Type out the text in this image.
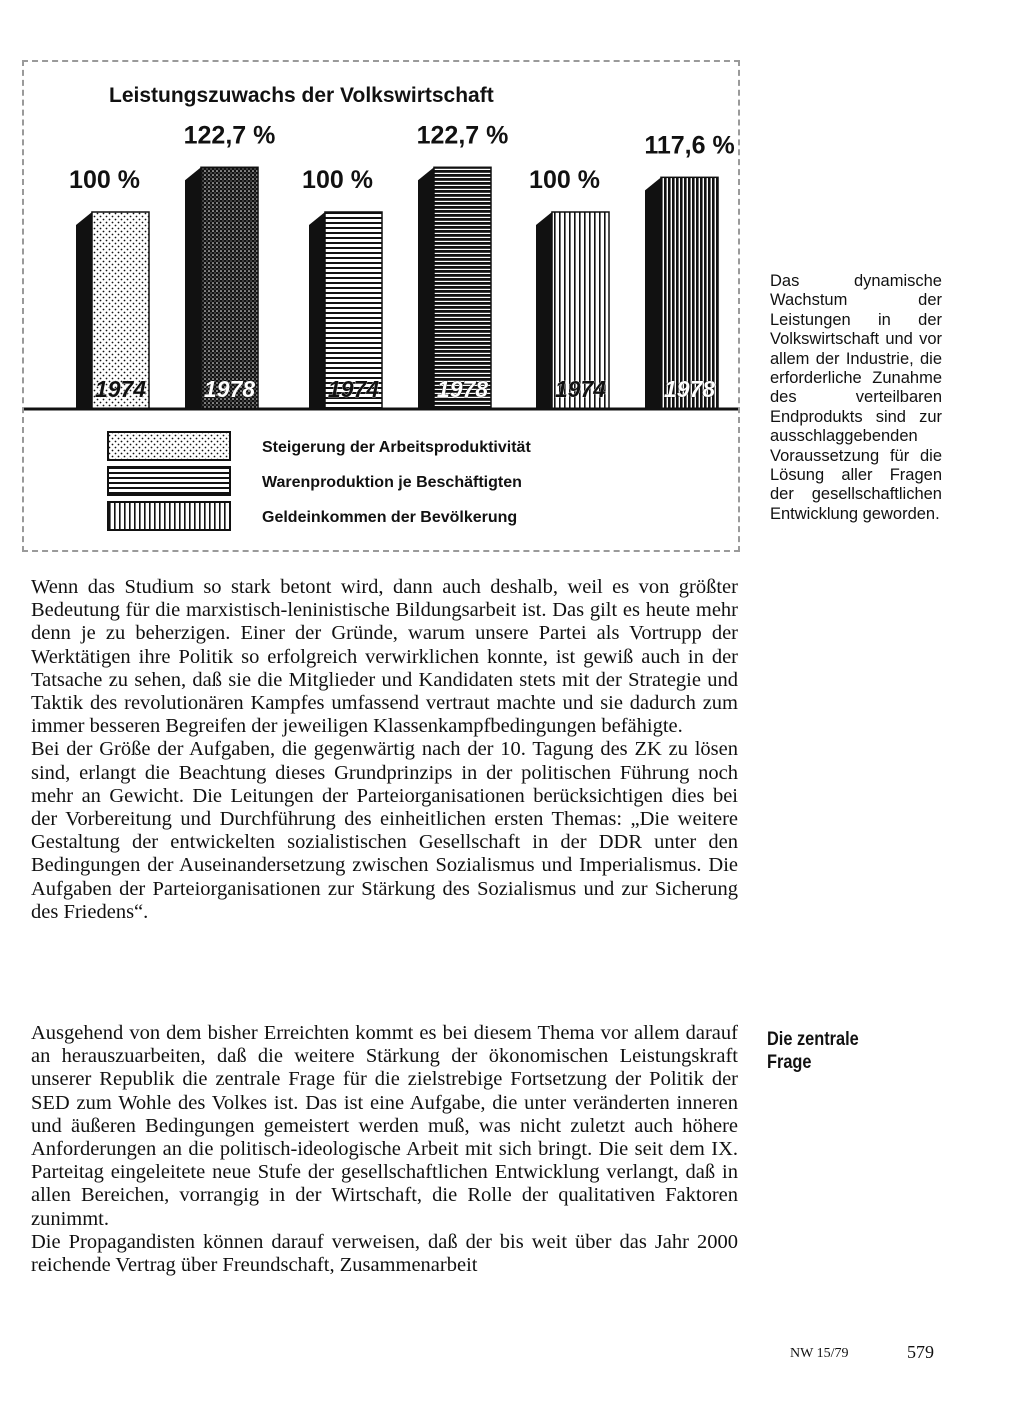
Leistungszuwachs der Volkswirtschaft
1974
100 %
1978
122,7 %
1974
100 %
1978
122,7 %
1974
100 %
1978
117,6 %
Steigerung der Arbeitsproduktivität
Warenproduktion je Beschäftigten
Geldeinkommen der Bevölkerung
Das dynamische Wachstum der Leistungen in der Volkswirtschaft und vor allem der Industrie, die erforderliche Zunahme des verteilbaren Endprodukts sind zur ausschlaggebenden Voraussetzung für die Lösung aller Fragen der gesellschaftlichen Entwicklung geworden.

Wenn das Studium so stark betont wird, dann auch deshalb, weil es von größter Bedeutung für die marxistisch-leninistische Bildungsarbeit ist. Das gilt es heute mehr denn je zu beherzigen. Einer der Gründe, warum unsere Partei als Vortrupp der Werktätigen ihre Politik so erfolgreich verwirklichen konnte, ist gewiß auch in der Tatsache zu sehen, daß sie die Mitglieder und Kandidaten stets mit der Strategie und Taktik des revolutionären Kampfes umfassend vertraut machte und sie dadurch zum immer besseren Begreifen der jeweiligen Klassenkampfbedingungen befähigte.

Bei der Größe der Aufgaben, die gegenwärtig nach der 10. Tagung des ZK zu lösen sind, erlangt die Beachtung dieses Grundprinzips in der politischen Führung noch mehr an Gewicht. Die Leitungen der Parteiorganisationen berücksichtigen dies bei der Vorbereitung und Durchführung des einheitlichen ersten Themas: „Die weitere Gestaltung der entwickelten sozialistischen Gesellschaft in der DDR unter den Bedingungen der Auseinandersetzung zwischen Sozialismus und Imperialismus. Die Aufgaben der Parteiorganisationen zur Stärkung des Sozialismus und zur Sicherung des Friedens“.

Die zentrale Frage

Ausgehend von dem bisher Erreichten kommt es bei diesem Thema vor allem darauf an herauszuarbeiten, daß die weitere Stärkung der ökonomischen Leistungskraft unserer Republik die zentrale Frage für die zielstrebige Fortsetzung der Politik der SED zum Wohle des Volkes ist. Das ist eine Aufgabe, die unter veränderten inneren und äußeren Bedingungen gemeistert werden muß, was nicht zuletzt auch höhere Anforderungen an die politisch-ideologische Arbeit mit sich bringt. Die seit dem IX. Parteitag eingeleitete neue Stufe der gesellschaftlichen Entwicklung verlangt, daß in allen Bereichen, vorrangig in der Wirtschaft, die Rolle der qualitativen Faktoren zunimmt.

Die Propagandisten können darauf verweisen, daß der bis weit über das Jahr 2000 reichende Vertrag über Freundschaft, Zusammenarbeit

NW 15/79	579
